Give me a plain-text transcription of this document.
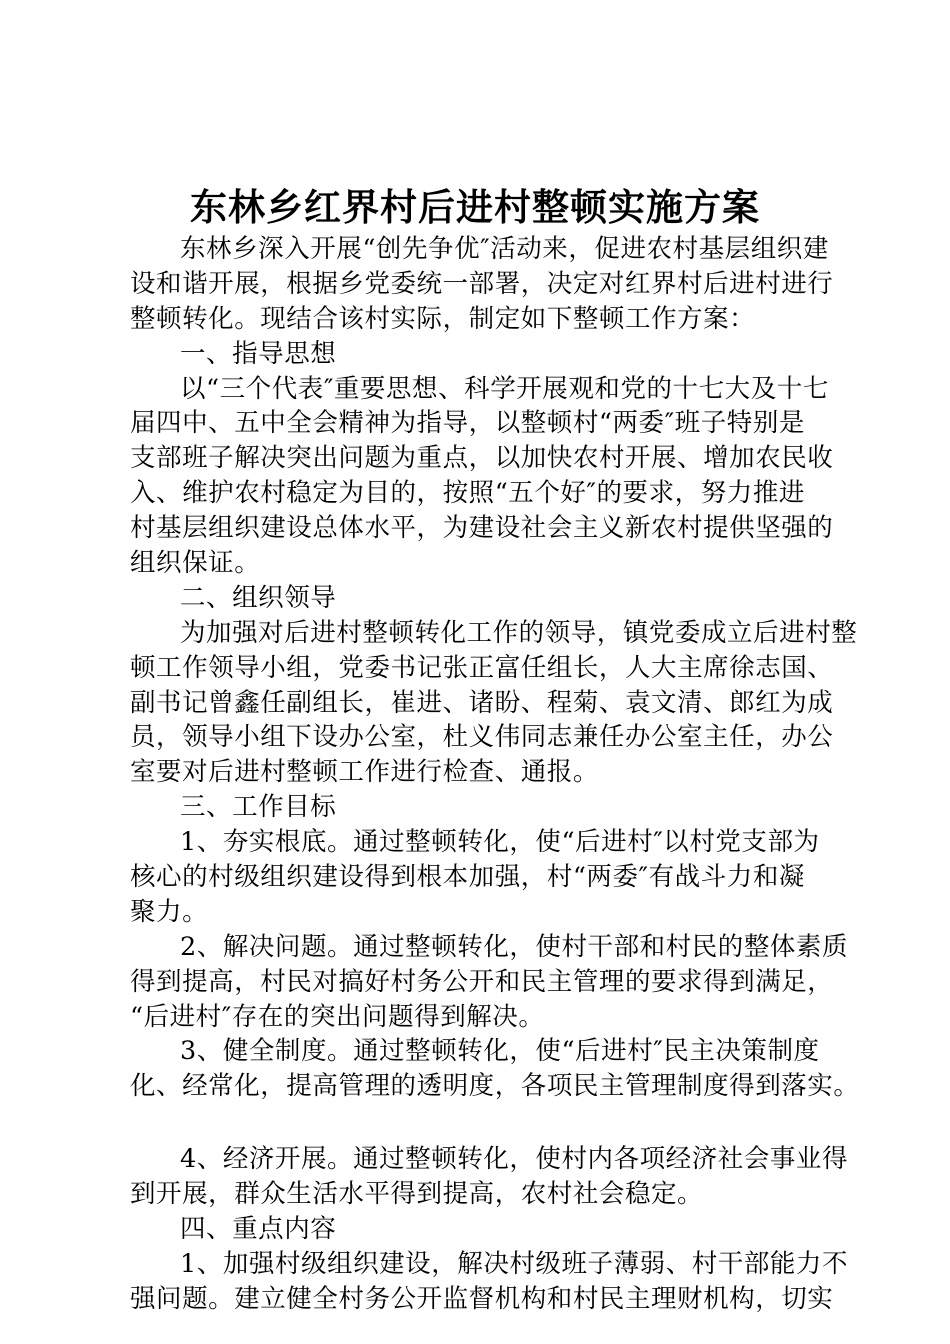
东林乡红界村后进村整顿实施方案
东林乡深入开展“创先争优″活动来，促进农村基层组织建
设和谐开展，根据乡党委统一部署，决定对红界村后进村进行
整顿转化。现结合该村实际，制定如下整顿工作方案：
一、指导思想
以“三个代表″重要思想、科学开展观和党的十七大及十七
届四中、五中全会精神为指导，以整顿村“两委″班子特别是
支部班子解决突出问题为重点，以加快农村开展、增加农民收
入、维护农村稳定为目的，按照“五个好″的要求，努力推进
村基层组织建设总体水平，为建设社会主义新农村提供坚强的
组织保证。
二、组织领导
为加强对后进村整顿转化工作的领导，镇党委成立后进村整
顿工作领导小组，党委书记张正富任组长，人大主席徐志国、
副书记曾鑫任副组长，崔进、诸盼、程菊、袁文清、郎红为成
员，领导小组下设办公室，杜义伟同志兼任办公室主任，办公
室要对后进村整顿工作进行检查、通报。
三、工作目标
1、夯实根底。通过整顿转化，使“后进村″以村党支部为
核心的村级组织建设得到根本加强，村“两委″有战斗力和凝
聚力。
2、解决问题。通过整顿转化，使村干部和村民的整体素质
得到提高，村民对搞好村务公开和民主管理的要求得到满足，
“后进村″存在的突出问题得到解决。
3、健全制度。通过整顿转化，使“后进村″民主决策制度
化、经常化，提高管理的透明度，各项民主管理制度得到落实。
4、经济开展。通过整顿转化，使村内各项经济社会事业得
到开展，群众生活水平得到提高，农村社会稳定。
四、重点内容
1、加强村级组织建设，解决村级班子薄弱、村干部能力不
强问题。建立健全村务公开监督机构和村民主理财机构，切实
